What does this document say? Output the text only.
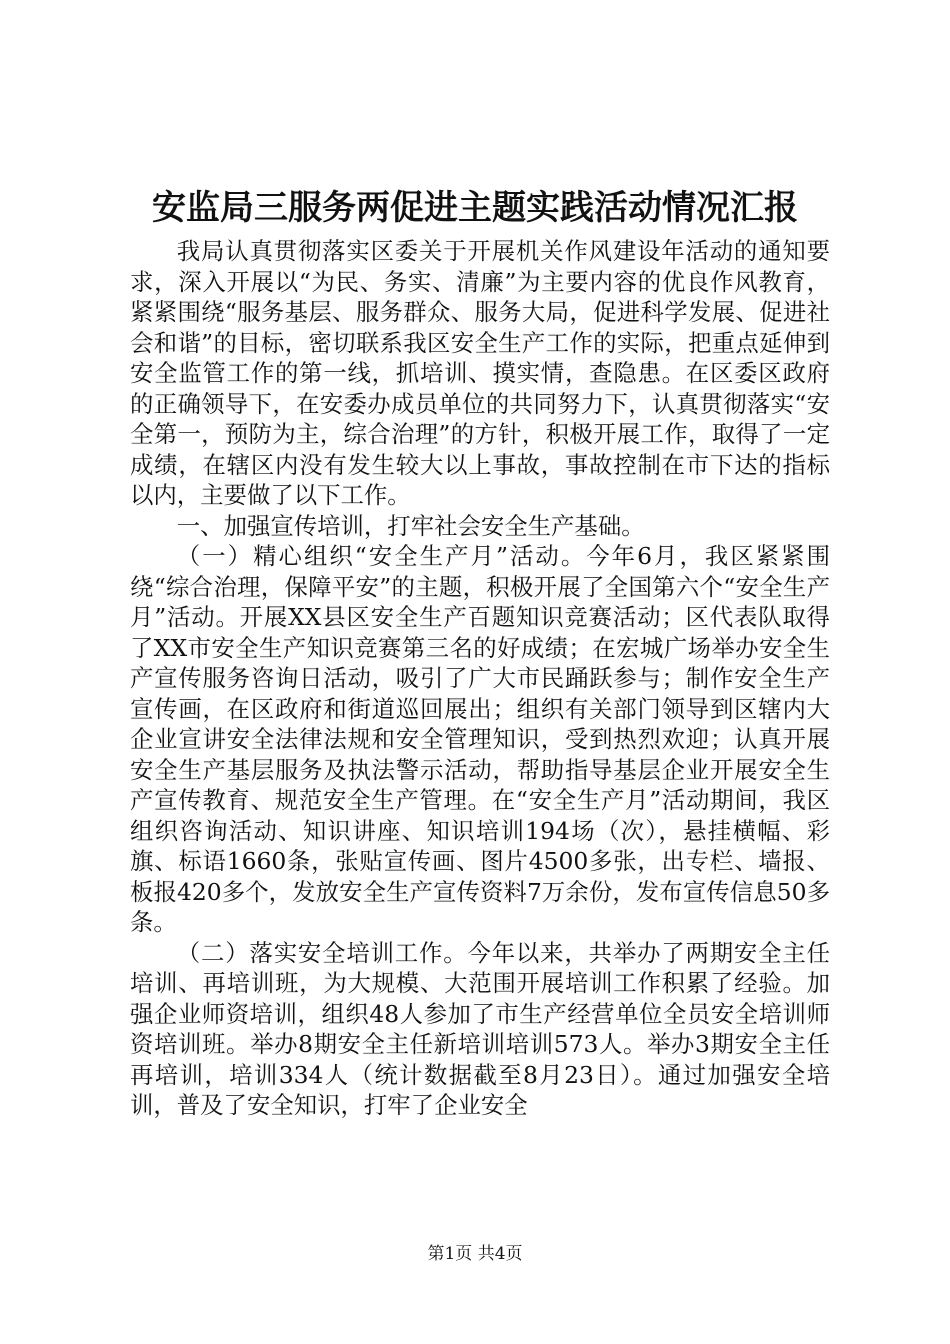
安监局三服务两促进主题实践活动情况汇报

我局认真贯彻落实区委关于开展机关作风建设年活动的通知要求，深入开展以“为民、务实、清廉”为主要内容的优良作风教育，紧紧围绕“服务基层、服务群众、服务大局，促进科学发展、促进社会和谐”的目标，密切联系我区安全生产工作的实际，把重点延伸到安全监管工作的第一线，抓培训、摸实情，查隐患。在区委区政府的正确领导下，在安委办成员单位的共同努力下，认真贯彻落实“安全第一，预防为主，综合治理”的方针，积极开展工作，取得了一定成绩，在辖区内没有发生较大以上事故，事故控制在市下达的指标以内，主要做了以下工作。

一、加强宣传培训，打牢社会安全生产基础。

（一）精心组织“安全生产月”活动。今年6月，我区紧紧围绕“综合治理，保障平安”的主题，积极开展了全国第六个“安全生产月”活动。开展XX县区安全生产百题知识竞赛活动；区代表队取得了XX市安全生产知识竞赛第三名的好成绩；在宏城广场举办安全生产宣传服务咨询日活动，吸引了广大市民踊跃参与；制作安全生产宣传画，在区政府和街道巡回展出；组织有关部门领导到区辖内大企业宣讲安全法律法规和安全管理知识，受到热烈欢迎；认真开展安全生产基层服务及执法警示活动，帮助指导基层企业开展安全生产宣传教育、规范安全生产管理。在“安全生产月”活动期间，我区组织咨询活动、知识讲座、知识培训194场（次），悬挂横幅、彩旗、标语1660条，张贴宣传画、图片4500多张，出专栏、墙报、板报420多个，发放安全生产宣传资料7万余份，发布宣传信息50多条。

（二）落实安全培训工作。今年以来，共举办了两期安全主任培训、再培训班，为大规模、大范围开展培训工作积累了经验。加强企业师资培训，组织48人参加了市生产经营单位全员安全培训师资培训班。举办8期安全主任新培训培训573人。举办3期安全主任再培训，培训334人（统计数据截至8月23日）。通过加强安全培训，普及了安全知识，打牢了企业安全

第1页 共4页
